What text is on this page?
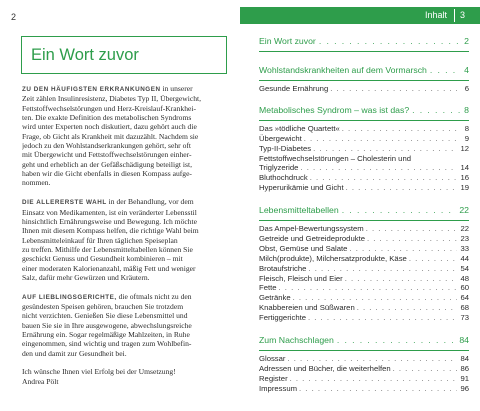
2
Ein Wort zuvor

ZU DEN HÄUFIGSTEN ERKRANKUNGEN in unserer
Zeit zählen Insulinresistenz, Diabetes Typ II, Übergewicht,
Fettstoffwechselstörungen und Herz-Kreislauf-Krankhei-
ten. Die exakte Definition des metabolischen Syndroms
wird unter Experten noch diskutiert, dazu gehört auch die
Frage, ob Gicht als Krankheit mit dazuzählt. Nachdem sie
jedoch zu den Wohlstandserkrankungen gehört, sehr oft
mit Übergewicht und Fettstoffwechselstörungen einher-
geht und erheblich an der Gefäßschädigung beteiligt ist,
haben wir die Gicht ebenfalls in diesen Kompass aufge-
nommen.

DIE ALLERERSTE WAHL in der Behandlung, vor dem
Einsatz von Medikamenten, ist ein veränderter Lebensstil
hinsichtlich Ernährungsweise und Bewegung. Ich möchte
Ihnen mit diesem Kompass helfen, die richtige Wahl beim
Lebensmitteleinkauf für Ihren täglichen Speiseplan
zu treffen. Mithilfe der Lebensmitteltabellen können Sie
geschickt Genuss und Gesundheit kombinieren – mit
einer moderaten Kalorienanzahl, mäßig Fett und weniger
Salz, dafür mehr Gewürzen und Kräutern.

AUF LIEBLINGSGERICHTE, die oftmals nicht zu den
gesündesten Speisen gehören, brauchen Sie trotzdem
nicht verzichten. Genießen Sie diese Lebensmittel und
bauen Sie sie in Ihre ausgewogene, abwechslungsreiche
Ernährung ein. Sogar regelmäßige Mahlzeiten, in Ruhe
eingenommen, sind wichtig und tragen zum Wohlbefin-
den und damit zur Gesundheit bei.

Ich wünsche Ihnen viel Erfolg bei der Umsetzung!
Andrea Pölt

Inhalt 3
Ein Wort zuvor . . .	2
Wohlstandskrankheiten auf dem Vormarsch . . .	4
Gesunde Ernährung . . .	6
Metabolisches Syndrom – was ist das? . . .	8
Das »tödliche Quartett« . . .	8
Übergewicht . . .	9
Typ-II-Diabetes . . .	12
Fettstoffwechselstörungen – Cholesterin und
Triglyzeride . . .	14
Bluthochdruck . . .	16
Hyperurikämie und Gicht . . .	19
Lebensmitteltabellen . . .	22
Das Ampel-Bewertungssystem . . .	22
Getreide und Getreideprodukte . . .	23
Obst, Gemüse und Salate . . .	33
Milch(produkte), Milchersatzprodukte, Käse . . .	44
Brotaufstriche . . .	54
Fleisch, Fleisch und Eier . . .	48
Fette . . .	60
Getränke . . .	64
Knabbereien und Süßwaren . . .	68
Fertiggerichte . . .	73
Zum Nachschlagen . . .	84
Glossar . . .	84
Adressen und Bücher, die weiterhelfen . . .	86
Register . . .	91
Impressum . . .	96
